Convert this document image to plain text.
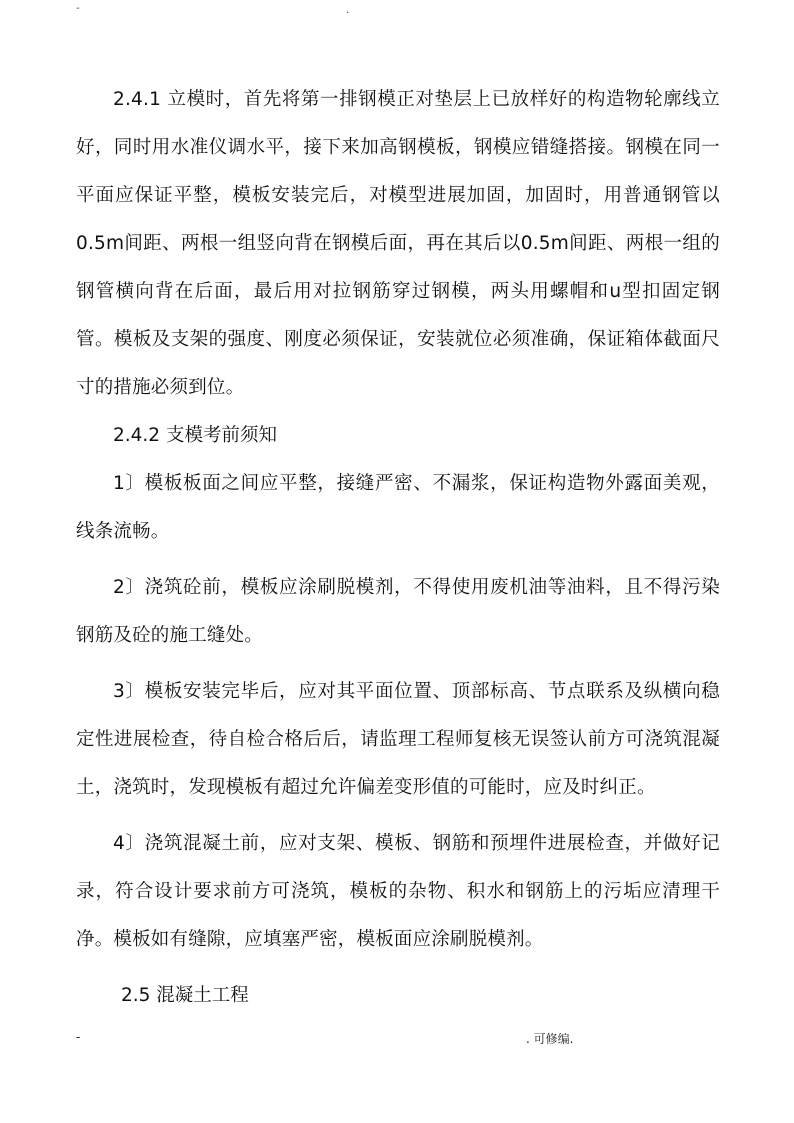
-	.

2.4.1 立模时，首先将第一排钢模正对垫层上已放样好的构造物轮廓线立好，同时用水准仪调水平，接下来加高钢模板，钢模应错缝搭接。钢模在同一平面应保证平整，模板安装完后，对模型进展加固，加固时，用普通钢管以0.5m间距、两根一组竖向背在钢模后面，再在其后以0.5m间距、两根一组的钢管横向背在后面，最后用对拉钢筋穿过钢模，两头用螺帽和u型扣固定钢管。模板及支架的强度、刚度必须保证，安装就位必须准确，保证箱体截面尺寸的措施必须到位。

2.4.2 支模考前须知

1〕模板板面之间应平整，接缝严密、不漏浆，保证构造物外露面美观，线条流畅。

2〕浇筑砼前，模板应涂刷脱模剂，不得使用废机油等油料，且不得污染钢筋及砼的施工缝处。

3〕模板安装完毕后，应对其平面位置、顶部标高、节点联系及纵横向稳定性进展检查，待自检合格后后，请监理工程师复核无误签认前方可浇筑混凝土，浇筑时，发现模板有超过允许偏差变形值的可能时，应及时纠正。

4〕浇筑混凝土前，应对支架、模板、钢筋和预埋件进展检查，并做好记录，符合设计要求前方可浇筑，模板的杂物、积水和钢筋上的污垢应清理干净。模板如有缝隙，应填塞严密，模板面应涂刷脱模剂。

2.5 混凝土工程

-	. 可修编.
